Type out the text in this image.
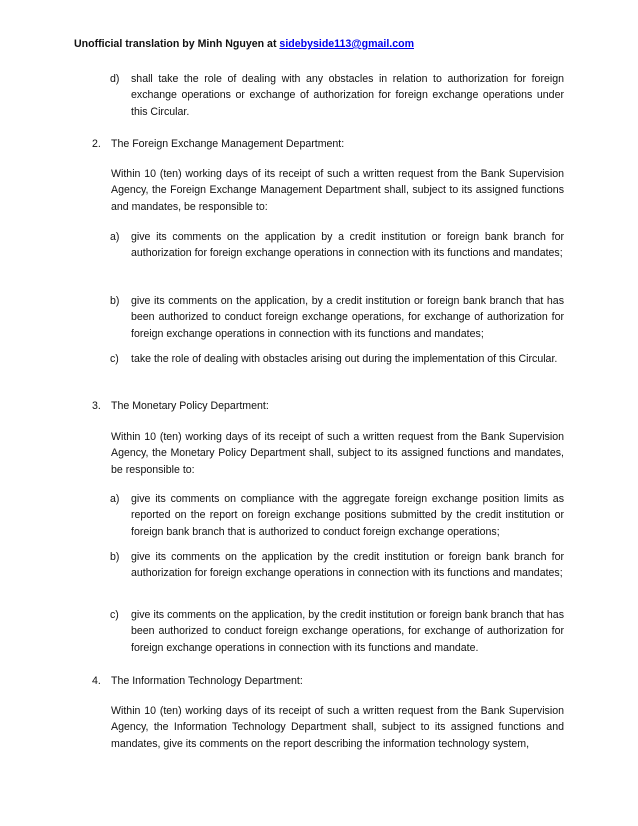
Unofficial translation by Minh Nguyen at sidebyside113@gmail.com
d) shall take the role of dealing with any obstacles in relation to authorization for foreign exchange operations or exchange of authorization for foreign exchange operations under this Circular.
2. The Foreign Exchange Management Department:

Within 10 (ten) working days of its receipt of such a written request from the Bank Supervision Agency, the Foreign Exchange Management Department shall, subject to its assigned functions and mandates, be responsible to:

a) give its comments on the application by a credit institution or foreign bank branch for authorization for foreign exchange operations in connection with its functions and mandates;
b) give its comments on the application, by a credit institution or foreign bank branch that has been authorized to conduct foreign exchange operations, for exchange of authorization for foreign exchange operations in connection with its functions and mandates;
c) take the role of dealing with obstacles arising out during the implementation of this Circular.
3. The Monetary Policy Department:

Within 10 (ten) working days of its receipt of such a written request from the Bank Supervision Agency, the Monetary Policy Department shall, subject to its assigned functions and mandates, be responsible to:

a) give its comments on compliance with the aggregate foreign exchange position limits as reported on the report on foreign exchange positions submitted by the credit institution or foreign bank branch that is authorized to conduct foreign exchange operations;
b) give its comments on the application by the credit institution or foreign bank branch for authorization for foreign exchange operations in connection with its functions and mandates;
c) give its comments on the application, by the credit institution or foreign bank branch that has been authorized to conduct foreign exchange operations, for exchange of authorization for foreign exchange operations in connection with its functions and mandate.
4. The Information Technology Department:

Within 10 (ten) working days of its receipt of such a written request from the Bank Supervision Agency, the Information Technology Department shall, subject to its assigned functions and mandates, give its comments on the report describing the information technology system,
